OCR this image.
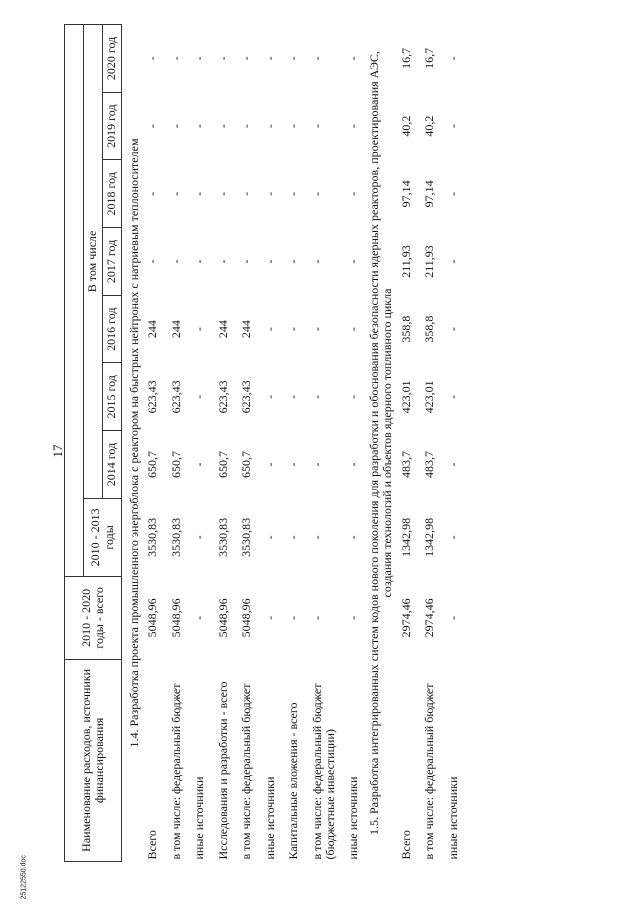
17
25122550.doc
Наименование расходов, источники финансирования	2010 - 2020 годы - всего								
		2010 - 2013 годы	В том числе						
			2014 год	2015 год	2016 год	2017 год	2018 год	2019 год	2020 год
1.4. Разработка проекта промышленного энергоблока с реактором на быстрых нейтронах с натриевым теплоносителем									
Всего	5048,96	3530,83	650,7	623,43	244	-	-	-	-
в том числе: федеральный бюджет	5048,96	3530,83	650,7	623,43	244	-	-	-	-
иные источники	-	-	-	-	-	-	-	-	-
Исследования и разработки - всего	5048,96	3530,83	650,7	623,43	244	-	-	-	-
в том числе: федеральный бюджет	5048,96	3530,83	650,7	623,43	244	-	-	-	-
иные источники	-	-	-	-	-	-	-	-	-
Капитальные вложения - всего	-	-	-	-	-	-	-	-	-
в том числе: федеральный бюджет (бюджетные инвестиции)	-	-	-	-	-	-	-	-	-
иные источники	-	-	-	-	-	-	-	-	-
1.5. Разработка интегрированных систем кодов нового поколения для разработки и обоснования безопасности ядерных реакторов, проектирования АЭС, создания технологий и объектов ядерного топливного цикла									
Всего	2974,46	1342,98	483,7	423,01	358,8	211,93	97,14	40,2	16,7
в том числе: федеральный бюджет	2974,46	1342,98	483,7	423,01	358,8	211,93	97,14	40,2	16,7
иные источники	-	-	-	-	-	-	-	-	-
